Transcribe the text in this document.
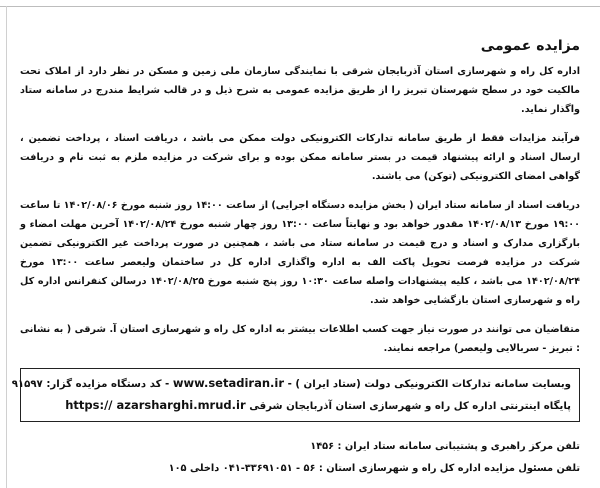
مزایده عمومی

اداره کل راه و شهرسازی استان آذربایجان شرقی با نمایندگی سازمان ملی زمین و مسکن در نظر دارد از املاک تحت مالکیت خود در سطح شهرستان تبریز را از طریق مزایده عمومی به شرح ذیل و در قالب شرایط مندرج در سامانه ستاد واگذار نماید.

فرآیند مزایدات فقط از طریق سامانه تدارکات الکترونیکی دولت ممکن می باشد ، دریافت اسناد ، پرداخت تضمین ، ارسال اسناد و ارائه پیشنهاد قیمت در بستر سامانه ممکن بوده و برای شرکت در مزایده ملزم به ثبت نام و دریافت گواهی امضای الکترونیکی (توکن) می باشند.

دریافت اسناد از سامانه ستاد ایران ( بخش مزایده دستگاه اجرایی) از ساعت ۱۴:۰۰ روز شنبه مورخ ۱۴۰۲/۰۸/۰۶ تا ساعت ۱۹:۰۰ مورخ ۱۴۰۲/۰۸/۱۳ مقدور خواهد بود و نهایتاً ساعت ۱۳:۰۰ روز چهار شنبه مورخ ۱۴۰۲/۰۸/۲۴ آخرین مهلت امضاء و بارگزاری مدارک و اسناد و درج قیمت در سامانه ستاد می باشد ، همچنین در صورت پرداخت غیر الکترونیکی تضمین شرکت در مزایده فرصت تحویل پاکت الف به اداره واگذاری اداره کل در ساختمان ولیعصر ساعت ۱۳:۰۰ مورخ ۱۴۰۲/۰۸/۲۴ می باشد ، کلیه پیشنهادات واصله ساعت ۱۰:۳۰ روز پنج شنبه مورخ ۱۴۰۲/۰۸/۲۵ درسالن کنفرانس اداره کل راه و شهرسازی استان بازگشایی خواهد شد.

متقاضیان می توانند در صورت نیاز جهت کسب اطلاعات بیشتر به اداره کل راه و شهرسازی استان آ. شرقی ( به نشانی : تبریز - سربالایی ولیعصر) مراجعه نمایند.

وبسایت سامانه تدارکات الکترونیکی دولت (ستاد ایران ) - www.setadiran.ir - کد دستگاه مزایده گزار: ۹۱۵۹۷
پایگاه اینترنتی اداره کل راه و شهرسازی استان آذربایجان شرقی https:// azarsharghi.mrud.ir

تلفن مرکز راهبری و پشتیبانی سامانه ستاد ایران : ۱۴۵۶

تلفن مسئول مزایده اداره کل راه و شهرسازی استان : ۵۶ - ۳۳۶۹۱۰۵۱-۰۴۱ داخلی ۱۰۵
